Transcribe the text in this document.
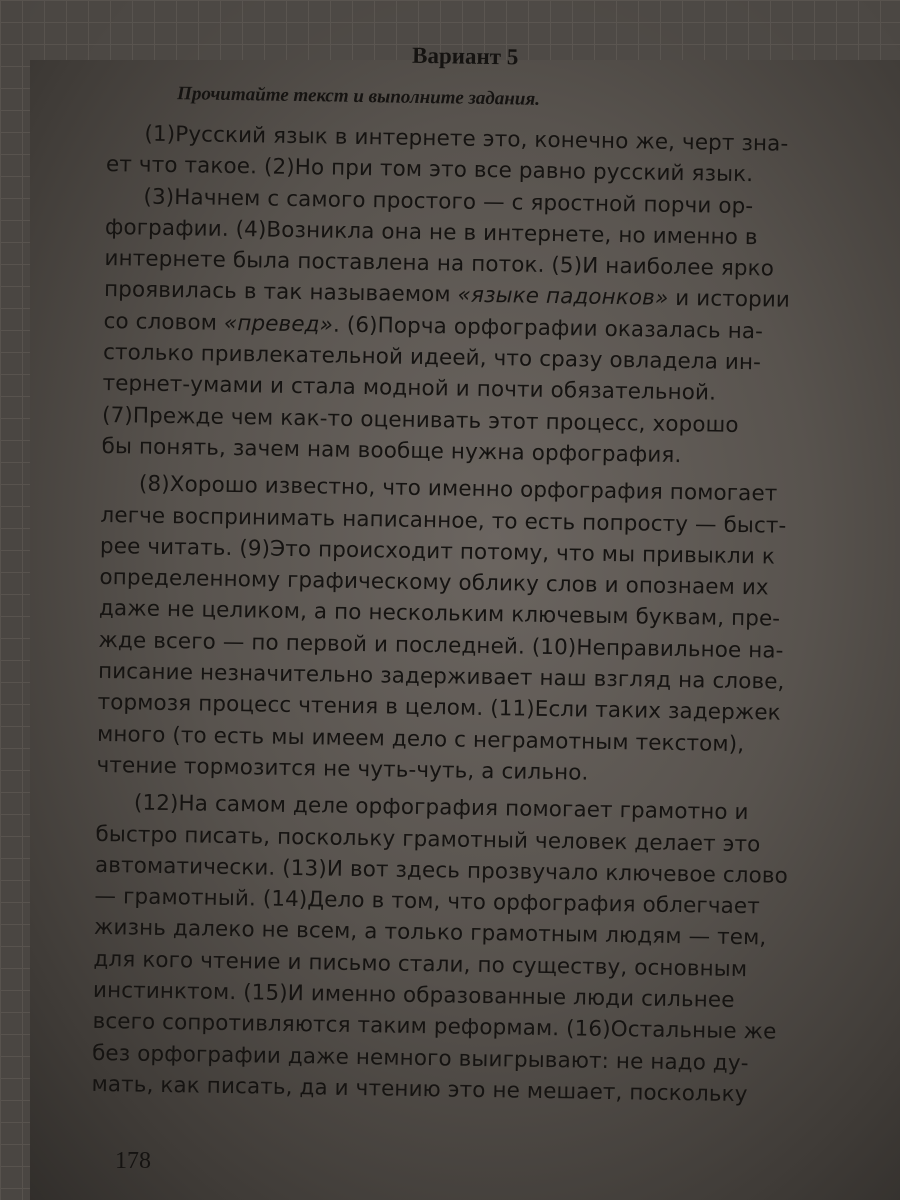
Вариант 5
Прочитайте текст и выполните задания.
(1)Русский язык в интернете это, конечно же, черт зна-
ет что такое. (2)Но при том это все равно русский язык.
(3)Начнем с самого простого — с яростной порчи ор-
фографии. (4)Возникла она не в интернете, но именно в
интернете была поставлена на поток. (5)И наиболее ярко
проявилась в так называемом «языке падонков» и истории
со словом «превед». (6)Порча орфографии оказалась на-
столько привлекательной идеей, что сразу овладела ин-
тернет-умами и стала модной и почти обязательной.
(7)Прежде чем как-то оценивать этот процесс, хорошо
бы понять, зачем нам вообще нужна орфография.
(8)Хорошо известно, что именно орфография помогает
легче воспринимать написанное, то есть попросту — быст-
рее читать. (9)Это происходит потому, что мы привыкли к
определенному графическому облику слов и опознаем их
даже не целиком, а по нескольким ключевым буквам, пре-
жде всего — по первой и последней. (10)Неправильное на-
писание незначительно задерживает наш взгляд на слове,
тормозя процесс чтения в целом. (11)Если таких задержек
много (то есть мы имеем дело с неграмотным текстом),
чтение тормозится не чуть-чуть, а сильно.
(12)На самом деле орфография помогает грамотно и
быстро писать, поскольку грамотный человек делает это
автоматически. (13)И вот здесь прозвучало ключевое слово
— грамотный. (14)Дело в том, что орфография облегчает
жизнь далеко не всем, а только грамотным людям — тем,
для кого чтение и письмо стали, по существу, основным
инстинктом. (15)И именно образованные люди сильнее
всего сопротивляются таким реформам. (16)Остальные же
без орфографии даже немного выигрывают: не надо ду-
мать, как писать, да и чтению это не мешает, поскольку
178
